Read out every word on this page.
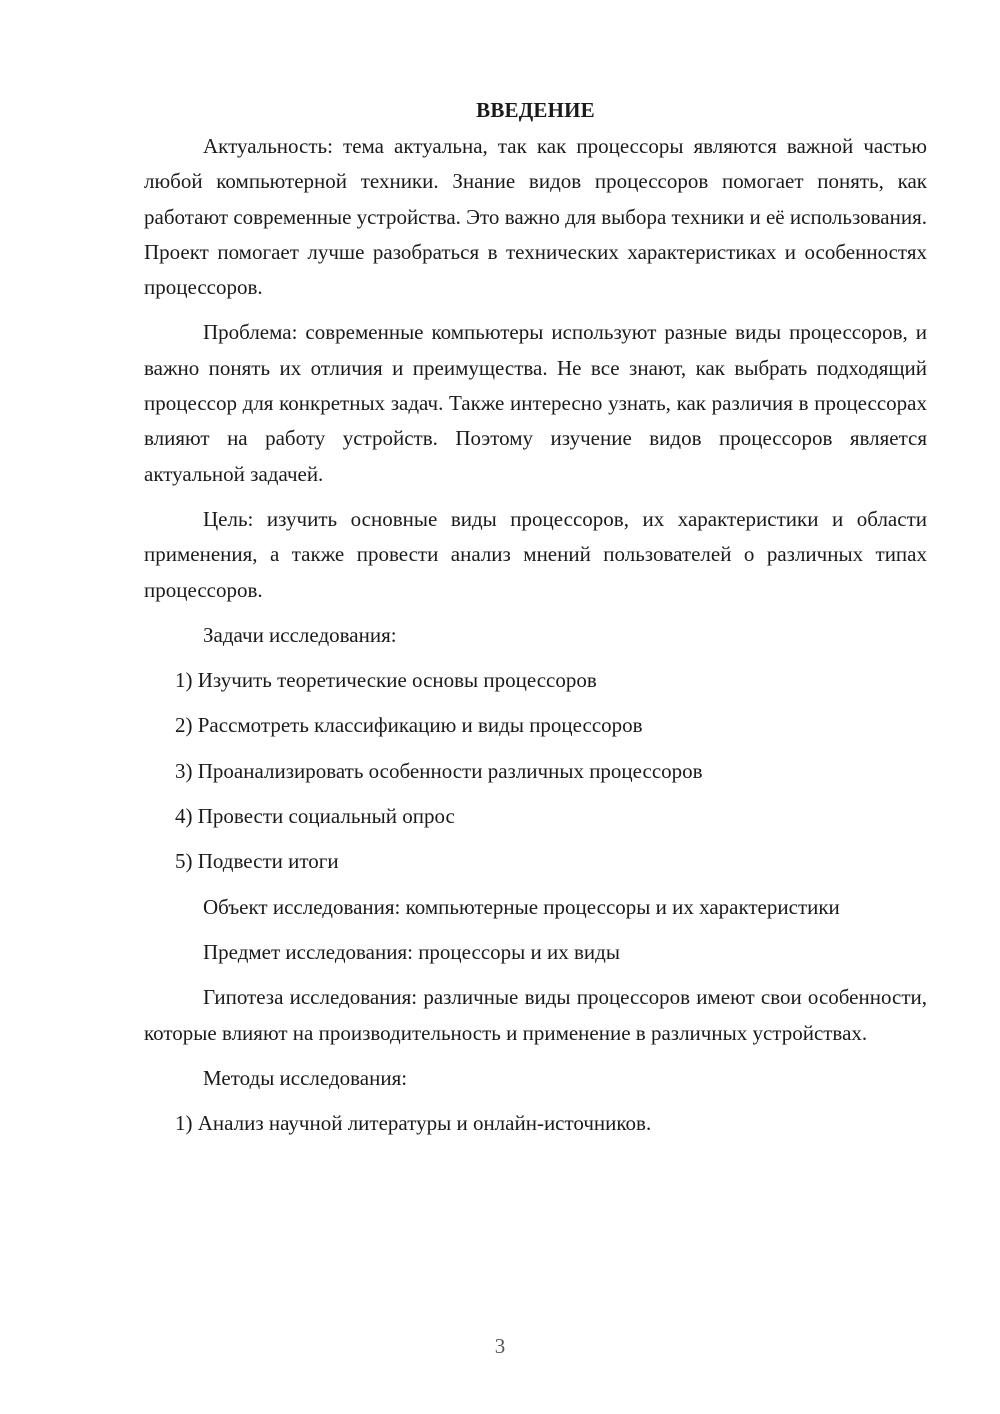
ВВЕДЕНИЕ

Актуальность: тема актуальна, так как процессоры являются важной частью любой компьютерной техники. Знание видов процессоров помогает понять, как работают современные устройства. Это важно для выбора техники и её использования. Проект помогает лучше разобраться в технических характеристиках и особенностях процессоров.

Проблема: современные компьютеры используют разные виды процессоров, и важно понять их отличия и преимущества. Не все знают, как выбрать подходящий процессор для конкретных задач. Также интересно узнать, как различия в процессорах влияют на работу устройств. Поэтому изучение видов процессоров является актуальной задачей.

Цель: изучить основные виды процессоров, их характеристики и области применения, а также провести анализ мнений пользователей о различных типах процессоров.

Задачи исследования:

1) Изучить теоретические основы процессоров
2) Рассмотреть классификацию и виды процессоров
3) Проанализировать особенности различных процессоров
4) Провести социальный опрос
5) Подвести итоги

Объект исследования: компьютерные процессоры и их характеристики

Предмет исследования: процессоры и их виды

Гипотеза исследования: различные виды процессоров имеют свои особенности, которые влияют на производительность и применение в различных устройствах.

Методы исследования:

1) Анализ научной литературы и онлайн-источников.
3
